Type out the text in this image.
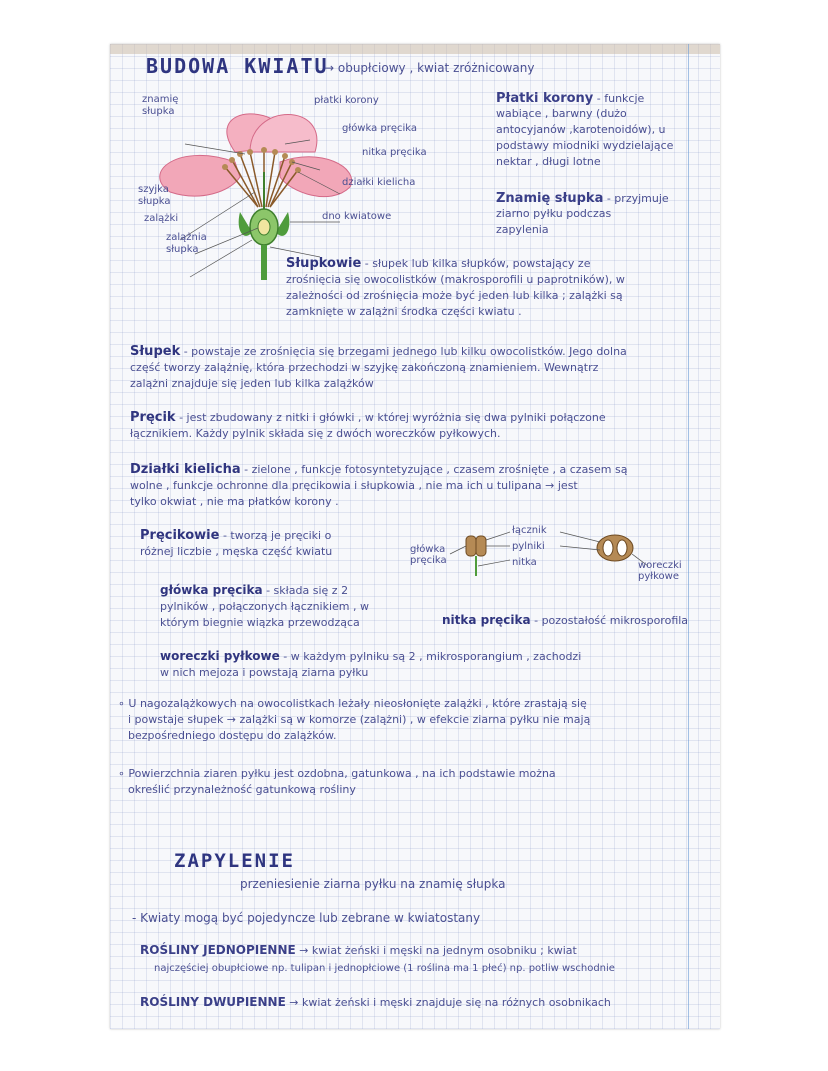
BUDOWA KWIATU
→ obupłciowy , kwiat zróżnicowany
znamię słupka
płatki korony
główka pręcika
nitka pręcika
działki kielicha
szyjka słupka
zalążki	dno kwiatowe
zalążnia słupka
Płatki korony - funkcje
wabiące , barwny (dużo
antocyjanów ,karotenoidów), u
podstawy miodniki wydzielające
nektar , długi lotne
Znamię słupka - przyjmuje
ziarno pyłku podczas
zapylenia
Słupkowie - słupek lub kilka słupków, powstający ze
zrośnięcia się owocolistków (makrosporofili u paprotników), w
zależności od zrośnięcia może być jeden lub kilka ; zalążki są
zamknięte w zalążni środka części kwiatu .
Słupek - powstaje ze zrośnięcia się brzegami jednego lub kilku owocolistków. Jego dolna
część tworzy zalążnię, która przechodzi w szyjkę zakończoną znamieniem. Wewnątrz
zalążni znajduje się jeden lub kilka zalążków
Pręcik - jest zbudowany z nitki i główki , w której wyróżnia się dwa pylniki połączone
łącznikiem. Każdy pylnik składa się z dwóch woreczków pyłkowych.
Działki kielicha - zielone , funkcje fotosyntetyzujące , czasem zrośnięte , a czasem są
wolne , funkcje ochronne dla pręcikowia i słupkowia , nie ma ich u tulipana → jest
tylko okwiat , nie ma płatków korony .
Pręcikowie - tworzą je pręciki o
różnej liczbie , męska część kwiatu
łącznik
pylniki
nitka
główka pręcika	woreczki pyłkowe
główka pręcika - składa się z 2
pylników , połączonych łącznikiem , w
którym biegnie wiązka przewodząca	nitka pręcika - pozostałość mikrosporofila
woreczki pyłkowe - w każdym pylniku są 2 , mikrosporangium , zachodzi
w nich mejoza i powstają ziarna pyłku
∘ U nagozalążkowych na owocolistkach leżały nieosłonięte zalążki , które zrastają się
i powstaje słupek → zalążki są w komorze (zalążni) , w efekcie ziarna pyłku nie mają
bezpośredniego dostępu do zalążków.
∘ Powierzchnia ziaren pyłku jest ozdobna, gatunkowa , na ich podstawie można
określić przynależność gatunkową rośliny
ZAPYLENIE
przeniesienie ziarna pyłku na znamię słupka
- Kwiaty mogą być pojedyncze lub zebrane w kwiatostany
ROŚLINY JEDNOPIENNE → kwiat żeński i męski na jednym osobniku ; kwiat
najczęściej obupłciowe np. tulipan i jednopłciowe (1 roślina ma 1 płeć) np. potliw wschodnie
ROŚLINY DWUPIENNE → kwiat żeński i męski znajduje się na różnych osobnikach
